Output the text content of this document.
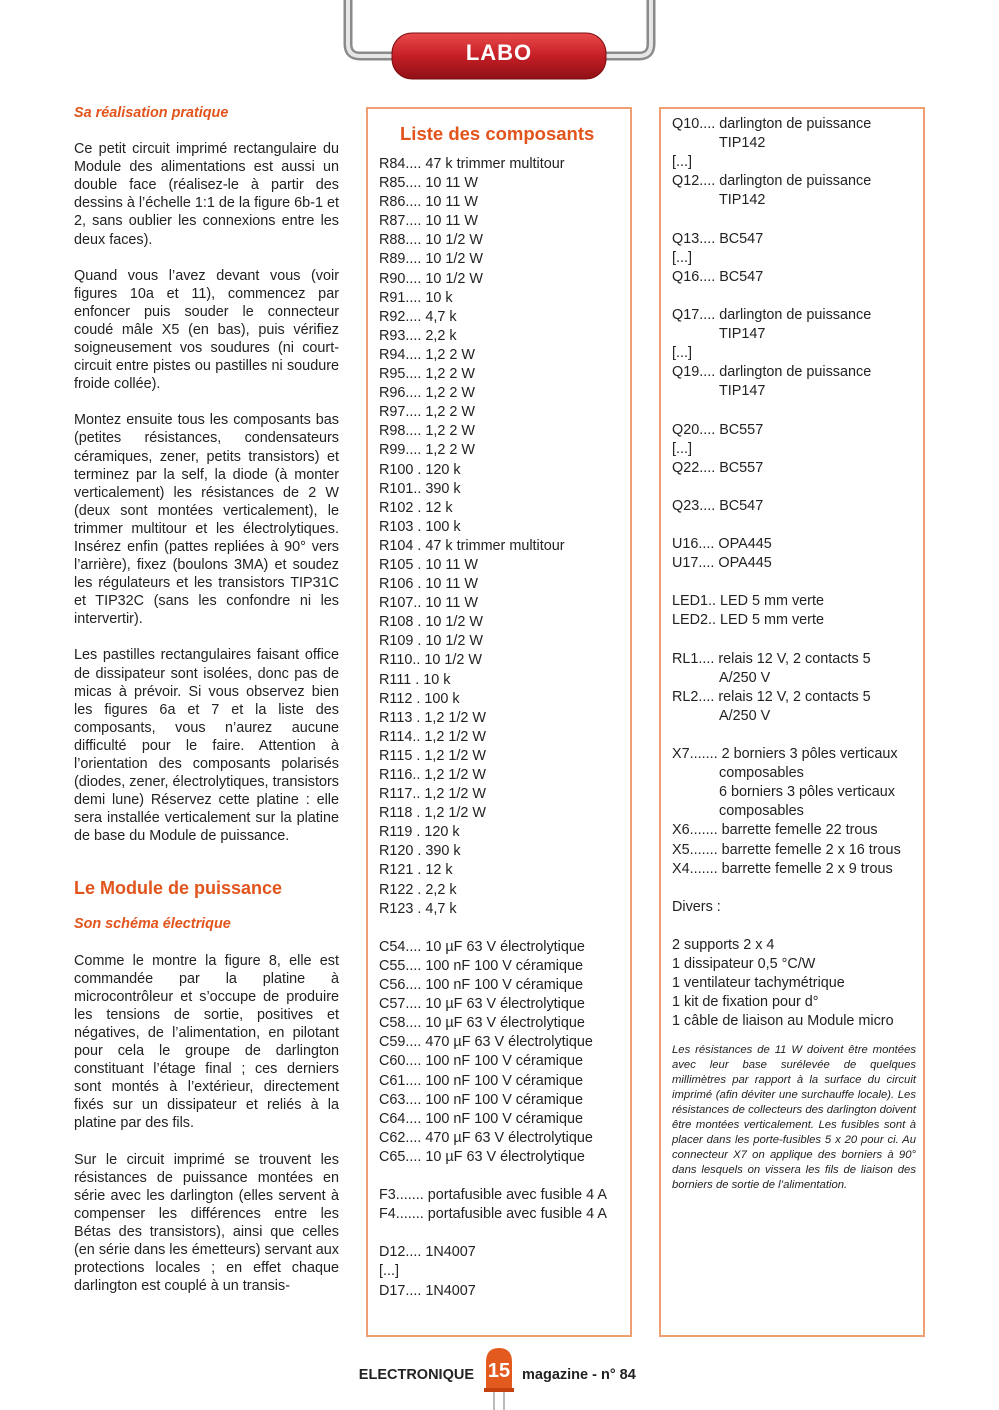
LABO
Sa réalisation pratique

Ce petit circuit imprimé rectangulaire du Module des alimentations est aussi un double face (réalisez-le à partir des dessins à l’échelle 1:1 de la figure 6b-1 et 2, sans oublier les connexions entre les deux faces).

Quand vous l’avez devant vous (voir figures 10a et 11), commencez par enfoncer puis souder le connecteur coudé mâle X5 (en bas), puis vérifiez soigneusement vos soudures (ni court-circuit entre pistes ou pastilles ni soudure froide collée).

Montez ensuite tous les composants bas (petites résistances, condensateurs céramiques, zener, petits transistors) et terminez par la self, la diode (à monter verticalement) les résistances de 2 W (deux sont montées verticalement), le trimmer multitour et les électrolytiques. Insérez enfin (pattes repliées à 90° vers l’arrière), fixez (boulons 3MA) et soudez les régulateurs et les transistors TIP31C et TIP32C (sans les confondre ni les intervertir).

Les pastilles rectangulaires faisant office de dissipateur sont isolées, donc pas de micas à prévoir. Si vous observez bien les figures 6a et 7 et la liste des composants, vous n’aurez aucune difficulté pour le faire. Attention à l’orientation des composants polarisés (diodes, zener, électrolytiques, transistors demi lune) Réservez cette platine : elle sera installée verticalement sur la platine de base du Module de puissance.

Le Module de puissance
Son schéma électrique

Comme le montre la figure 8, elle est commandée par la platine à microcontrôleur et s’occupe de produire les tensions de sortie, positives et négatives, de l’alimentation, en pilotant pour cela le groupe de darlington constituant l’étage final ; ces derniers sont montés à l’extérieur, directement fixés sur un dissipateur et reliés à la platine par des fils.

Sur le circuit imprimé se trouvent les résistances de puissance montées en série avec les darlington (elles servent à compenser les différences entre les Bétas des transistors), ainsi que celles (en série dans les émetteurs) servant aux protections locales ; en effet chaque darlington est couplé à un transis-

Liste des composants
R84.... 47 k trimmer multitour
R85.... 10 11 W
R86.... 10 11 W
R87.... 10 11 W
R88.... 10 1/2 W
R89.... 10 1/2 W
R90.... 10 1/2 W
R91.... 10 k
R92.... 4,7 k
R93.... 2,2 k
R94.... 1,2 2 W
R95.... 1,2 2 W
R96.... 1,2 2 W
R97.... 1,2 2 W
R98.... 1,2 2 W
R99.... 1,2 2 W
R100 . 120 k
R101.. 390 k
R102 . 12 k
R103 . 100 k
R104 . 47 k trimmer multitour
R105 . 10 11 W
R106 . 10 11 W
R107.. 10 11 W
R108 . 10 1/2 W
R109 . 10 1/2 W
R110.. 10 1/2 W
R111 . 10 k
R112 . 100 k
R113 . 1,2 1/2 W
R114.. 1,2 1/2 W
R115 . 1,2 1/2 W
R116.. 1,2 1/2 W
R117.. 1,2 1/2 W
R118 . 1,2 1/2 W
R119 . 120 k
R120 . 390 k
R121 . 12 k
R122 . 2,2 k
R123 . 4,7 k
C54.... 10 µF 63 V électrolytique
C55.... 100 nF 100 V céramique
C56.... 100 nF 100 V céramique
C57.... 10 µF 63 V électrolytique
C58.... 10 µF 63 V électrolytique
C59.... 470 µF 63 V électrolytique
C60.... 100 nF 100 V céramique
C61.... 100 nF 100 V céramique
C63.... 100 nF 100 V céramique
C64.... 100 nF 100 V céramique
C62.... 470 µF 63 V électrolytique
C65.... 10 µF 63 V électrolytique
F3....... portafusible avec fusible 4 A
F4....... portafusible avec fusible 4 A
D12.... 1N4007
[...]
D17.... 1N4007
Q10.... darlington de puissance
TIP142
[...]
Q12.... darlington de puissance
TIP142
Q13.... BC547
[...]
Q16.... BC547
Q17.... darlington de puissance
TIP147
[...]
Q19.... darlington de puissance
TIP147
Q20.... BC557
[...]
Q22.... BC557
Q23.... BC547
U16.... OPA445
U17.... OPA445
LED1.. LED 5 mm verte
LED2.. LED 5 mm verte
RL1.... relais 12 V, 2 contacts 5
A/250 V
RL2.... relais 12 V, 2 contacts 5
A/250 V
X7....... 2 borniers 3 pôles verticaux
composables
6 borniers 3 pôles verticaux
composables
X6....... barrette femelle 22 trous
X5....... barrette femelle 2 x 16 trous
X4....... barrette femelle 2 x 9 trous
Divers :
2 supports 2 x 4
1 dissipateur 0,5 °C/W
1 ventilateur tachymétrique
1 kit de fixation pour d°
1 câble de liaison au Module micro
Les résistances de 11 W doivent être montées avec leur base surélevée de quelques millimètres par rapport à la surface du circuit imprimé (afin déviter une surchauffe locale). Les résistances de collecteurs des darlington doivent être montées verticalement. Les fusibles sont à placer dans les porte-fusibles 5 x 20 pour ci. Au connecteur X7 on applique des borniers à 90° dans lesquels on vissera les fils de liaison des borniers de sortie de l’alimentation.
ELECTRONIQUE 15 magazine - n° 84
